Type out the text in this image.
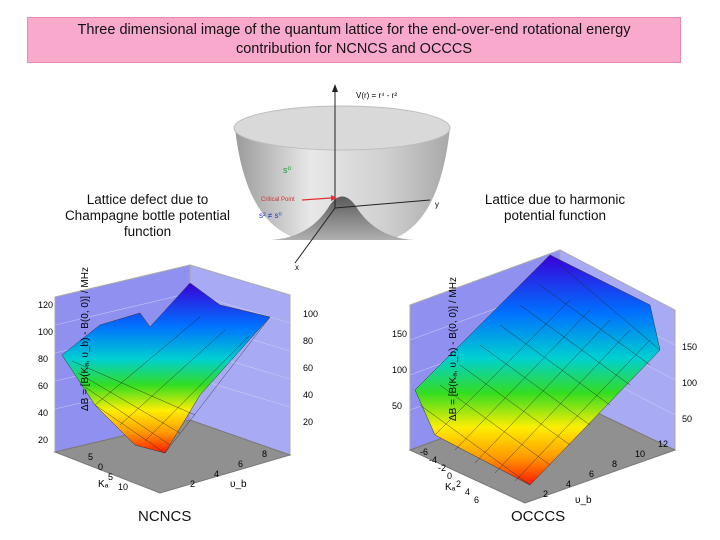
Three dimensional image of the quantum lattice for the end-over-end rotational energy contribution for NCNCS and OCCCS
V(r) = r⁴ - r²
s⁰
Critical Point
s² ≠ s⁰
y
x
Lattice defect due to Champagne bottle potential function
Lattice due to harmonic potential function
120
100
80
60
40
20
100
80
60
40
20
ΔB = [B(Kₐ, υ_b) - B(0, 0)] / MHz
5
0
5
10	2
4
6
8
Kₐ	υ_b
150
100
50
150
100
50
ΔB = [B(Kₐ, υ_b) - B(0, 0)] / MHz
-6
-4
-2
0
2
4
6
2
4
6
8
10
12
Kₐ
υ_b
NCNCS	OCCCS
